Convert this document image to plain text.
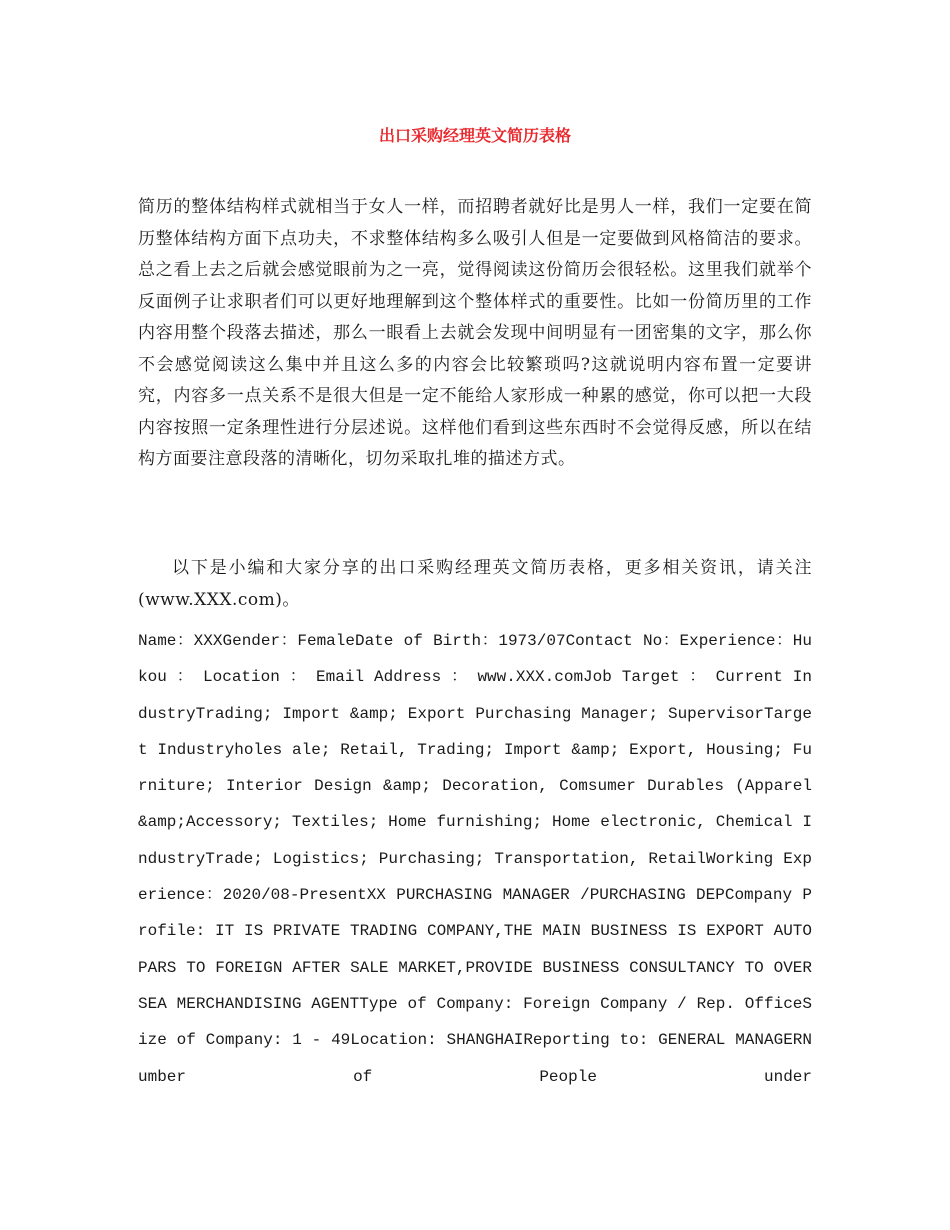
出口采购经理英文简历表格

简历的整体结构样式就相当于女人一样，而招聘者就好比是男人一样，我们一定要在简历整体结构方面下点功夫，不求整体结构多么吸引人但是一定要做到风格简洁的要求。总之看上去之后就会感觉眼前为之一亮，觉得阅读这份简历会很轻松。这里我们就举个反面例子让求职者们可以更好地理解到这个整体样式的重要性。比如一份简历里的工作内容用整个段落去描述，那么一眼看上去就会发现中间明显有一团密集的文字，那么你不会感觉阅读这么集中并且这么多的内容会比较繁琐吗?这就说明内容布置一定要讲究，内容多一点关系不是很大但是一定不能给人家形成一种累的感觉，你可以把一大段内容按照一定条理性进行分层述说。这样他们看到这些东西时不会觉得反感，所以在结构方面要注意段落的清晰化，切勿采取扎堆的描述方式。

以下是小编和大家分享的出口采购经理英文简历表格，更多相关资讯，请关注(www.XXX.com)。

Name：XXXGender：FemaleDate of Birth：1973/07Contact No：Experience：Hukou ： Location ： Email Address ： www.XXX.comJob Target ： Current IndustryTrading; Import &amp; Export Purchasing Manager; SupervisorTarget Industryholes ale; Retail, Trading; Import &amp; Export, Housing; Furniture; Interior Design &amp; Decoration, Comsumer Durables (Apparel &amp;Accessory; Textiles; Home furnishing; Home electronic, Chemical IndustryTrade; Logistics; Purchasing; Transportation, RetailWorking Experience：2020/08-PresentXX PURCHASING MANAGER /PURCHASING DEPCompany Profile: IT IS PRIVATE TRADING COMPANY,THE MAIN BUSINESS IS EXPORT AUTO PARS TO FOREIGN AFTER SALE MARKET,PROVIDE BUSINESS CONSULTANCY TO OVERSEA MERCHANDISING AGENTType of Company: Foreign Company / Rep. OfficeSize of Company: 1 - 49Location: SHANGHAIReporting to: GENERAL MANAGERNumber of People under
